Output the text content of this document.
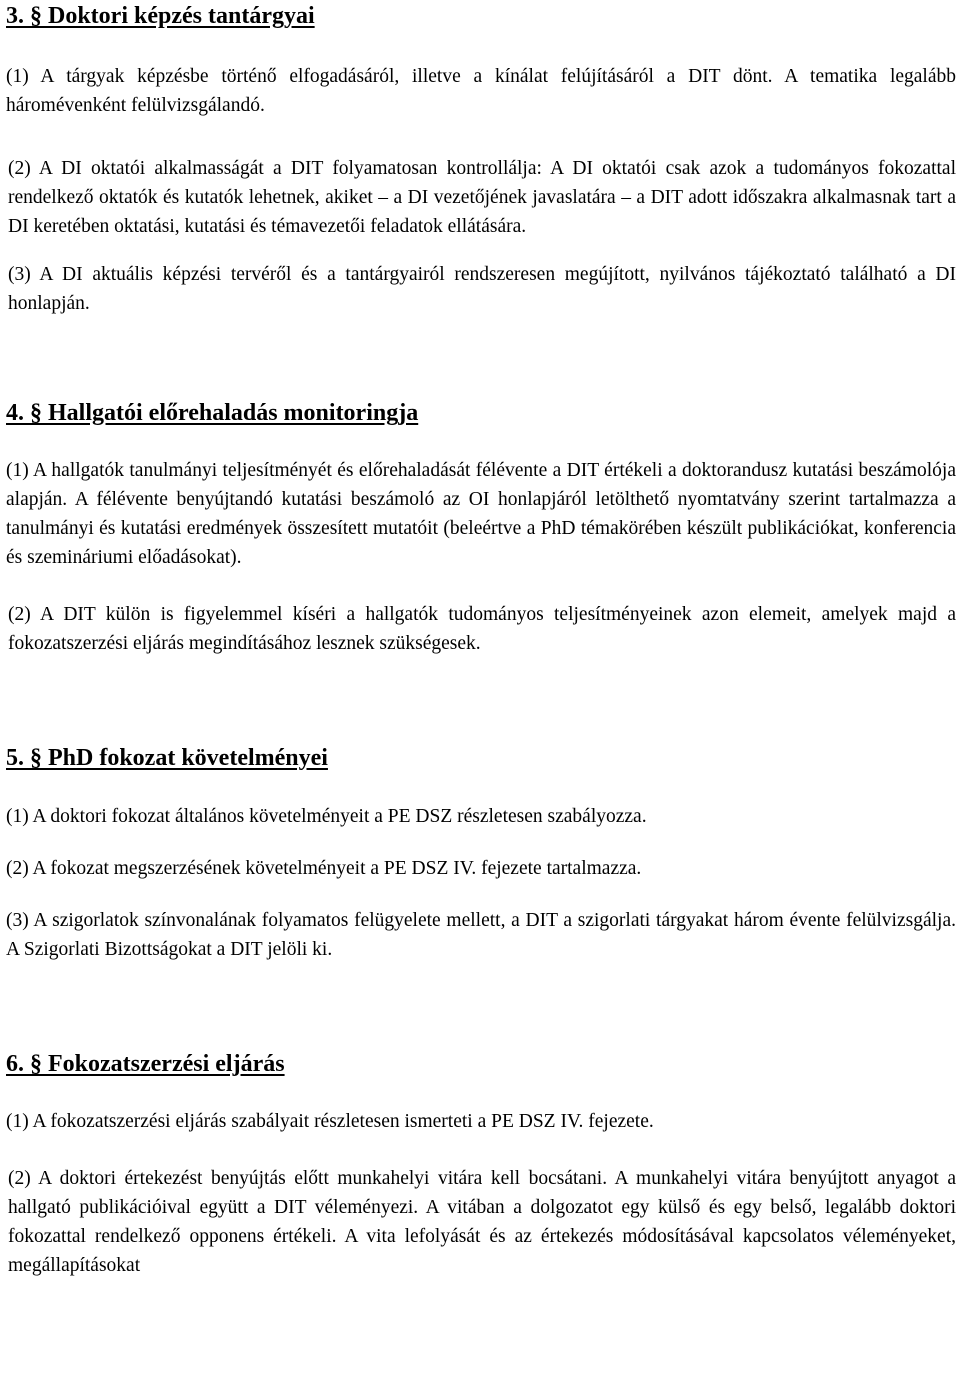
3. § Doktori képzés tantárgyai

(1) A tárgyak képzésbe történő elfogadásáról, illetve a kínálat felújításáról a DIT dönt. A tematika legalább háromévenként felülvizsgálandó.

(2) A DI oktatói alkalmasságát a DIT folyamatosan kontrollálja: A DI oktatói csak azok a tudományos fokozattal rendelkező oktatók és kutatók lehetnek, akiket – a DI vezetőjének javaslatára – a DIT adott időszakra alkalmasnak tart a DI keretében oktatási, kutatási és témavezetői feladatok ellátására.

(3) A DI aktuális képzési tervéről és a tantárgyairól rendszeresen megújított, nyilvános tájékoztató található a DI honlapján.

4. § Hallgatói előrehaladás monitoringja

(1) A hallgatók tanulmányi teljesítményét és előrehaladását félévente a DIT értékeli a doktorandusz kutatási beszámolója alapján. A félévente benyújtandó kutatási beszámoló az OI honlapjáról letölthető nyomtatvány szerint tartalmazza a tanulmányi és kutatási eredmények összesített mutatóit (beleértve a PhD témakörében készült publikációkat, konferencia és szemináriumi előadásokat).

(2) A DIT külön is figyelemmel kíséri a hallgatók tudományos teljesítményeinek azon elemeit, amelyek majd a fokozatszerzési eljárás megindításához lesznek szükségesek.

5. § PhD fokozat követelményei

(1) A doktori fokozat általános követelményeit a PE DSZ részletesen szabályozza.

(2) A fokozat megszerzésének követelményeit a PE DSZ IV. fejezete tartalmazza.

(3) A szigorlatok színvonalának folyamatos felügyelete mellett, a DIT a szigorlati tárgyakat három évente felülvizsgálja. A Szigorlati Bizottságokat a DIT jelöli ki.

6. § Fokozatszerzési eljárás

(1) A fokozatszerzési eljárás szabályait részletesen ismerteti a PE DSZ IV. fejezete.

(2) A doktori értekezést benyújtás előtt munkahelyi vitára kell bocsátani. A munkahelyi vitára benyújtott anyagot a hallgató publikációival együtt a DIT véleményezi. A vitában a dolgozatot egy külső és egy belső, legalább doktori fokozattal rendelkező opponens értékeli. A vita lefolyását és az értekezés módosításával kapcsolatos véleményeket, megállapításokat
